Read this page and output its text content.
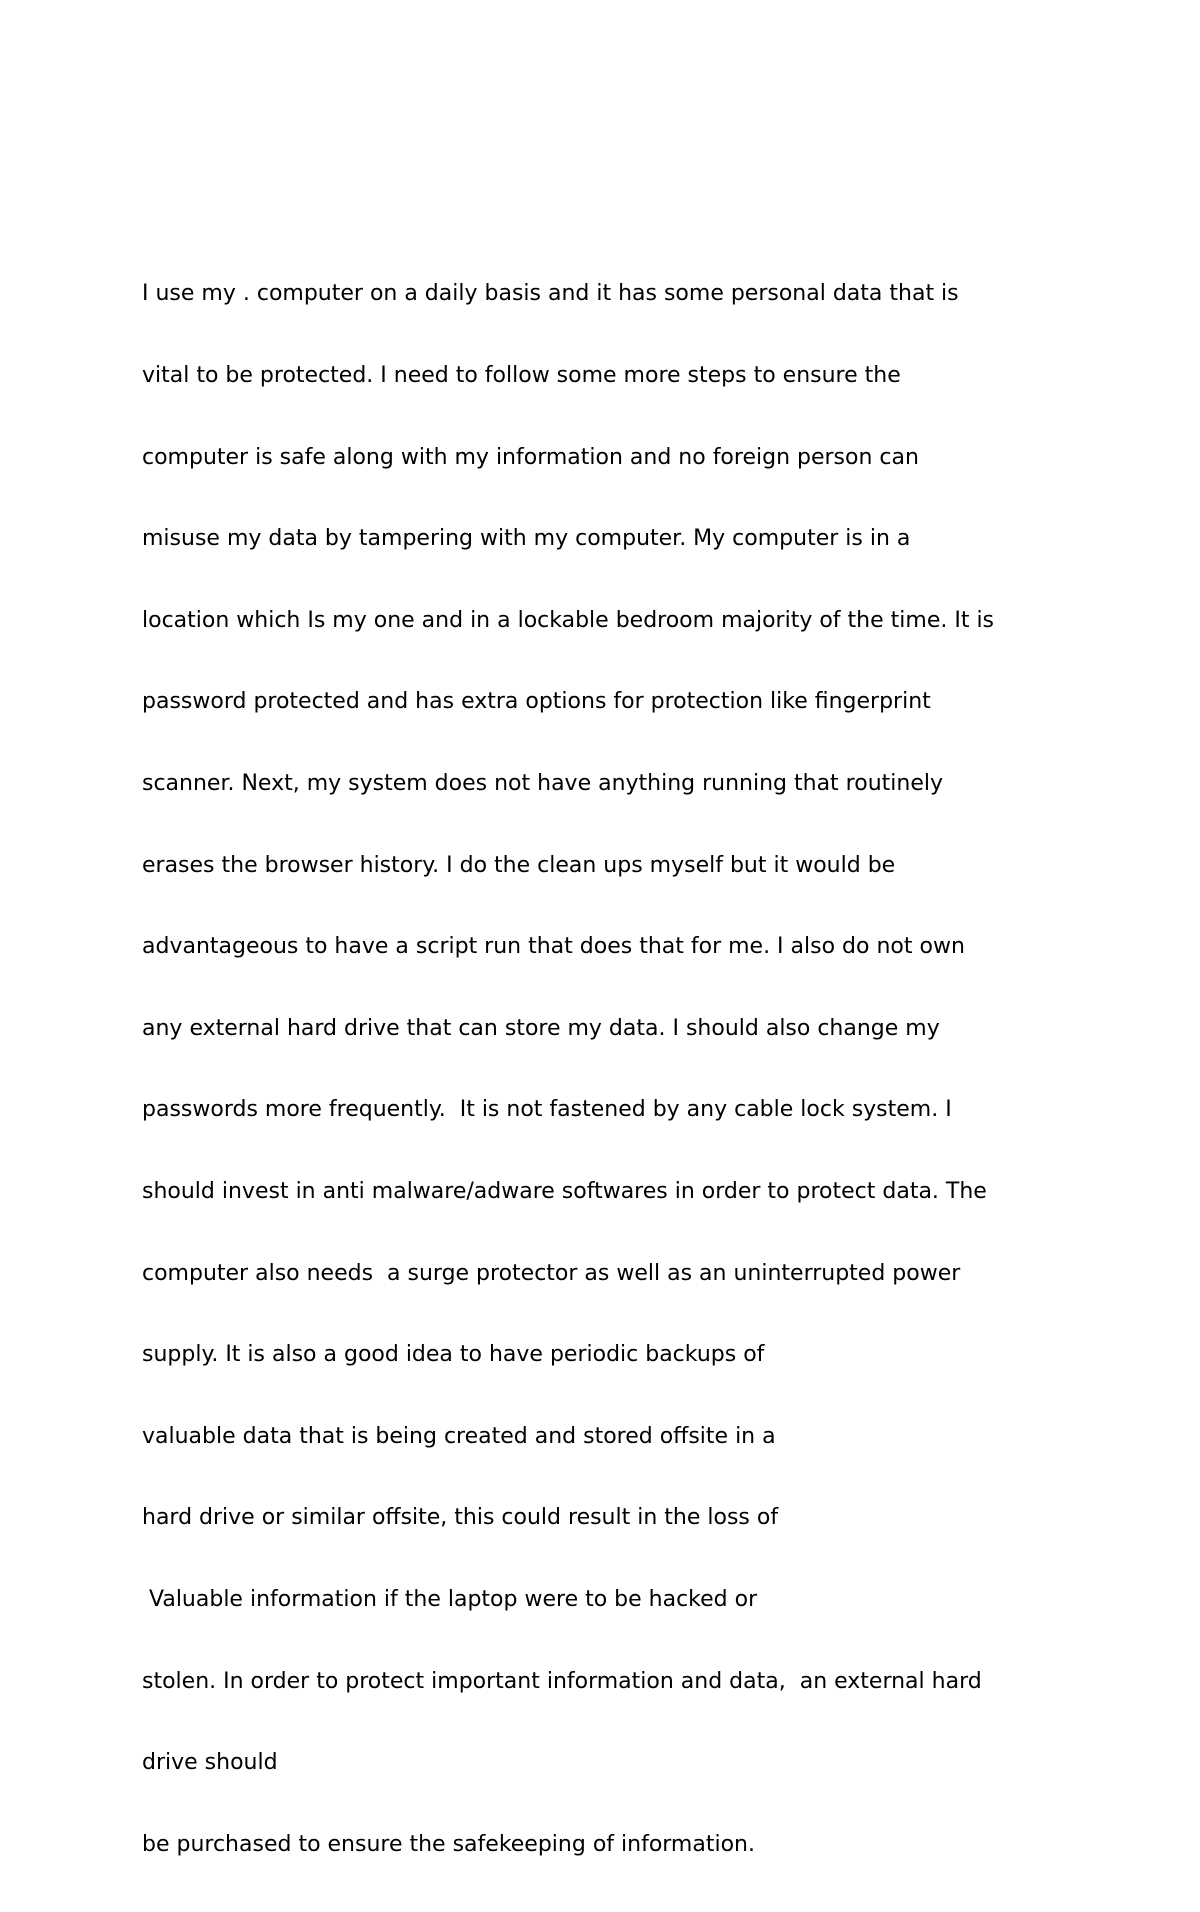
I use my . computer on a daily basis and it has some personal data that is

vital to be protected. I need to follow some more steps to ensure the

computer is safe along with my information and no foreign person can

misuse my data by tampering with my computer. My computer is in a

location which Is my one and in a lockable bedroom majority of the time. It is

password protected and has extra options for protection like fingerprint

scanner. Next, my system does not have anything running that routinely

erases the browser history. I do the clean ups myself but it would be

advantageous to have a script run that does that for me. I also do not own

any external hard drive that can store my data. I should also change my

passwords more frequently.  It is not fastened by any cable lock system. I

should invest in anti malware/adware softwares in order to protect data. The

computer also needs  a surge protector as well as an uninterrupted power

supply. It is also a good idea to have periodic backups of

valuable data that is being created and stored offsite in a

hard drive or similar offsite, this could result in the loss of

Valuable information if the laptop were to be hacked or

stolen. In order to protect important information and data,  an external hard

drive should

be purchased to ensure the safekeeping of information.
